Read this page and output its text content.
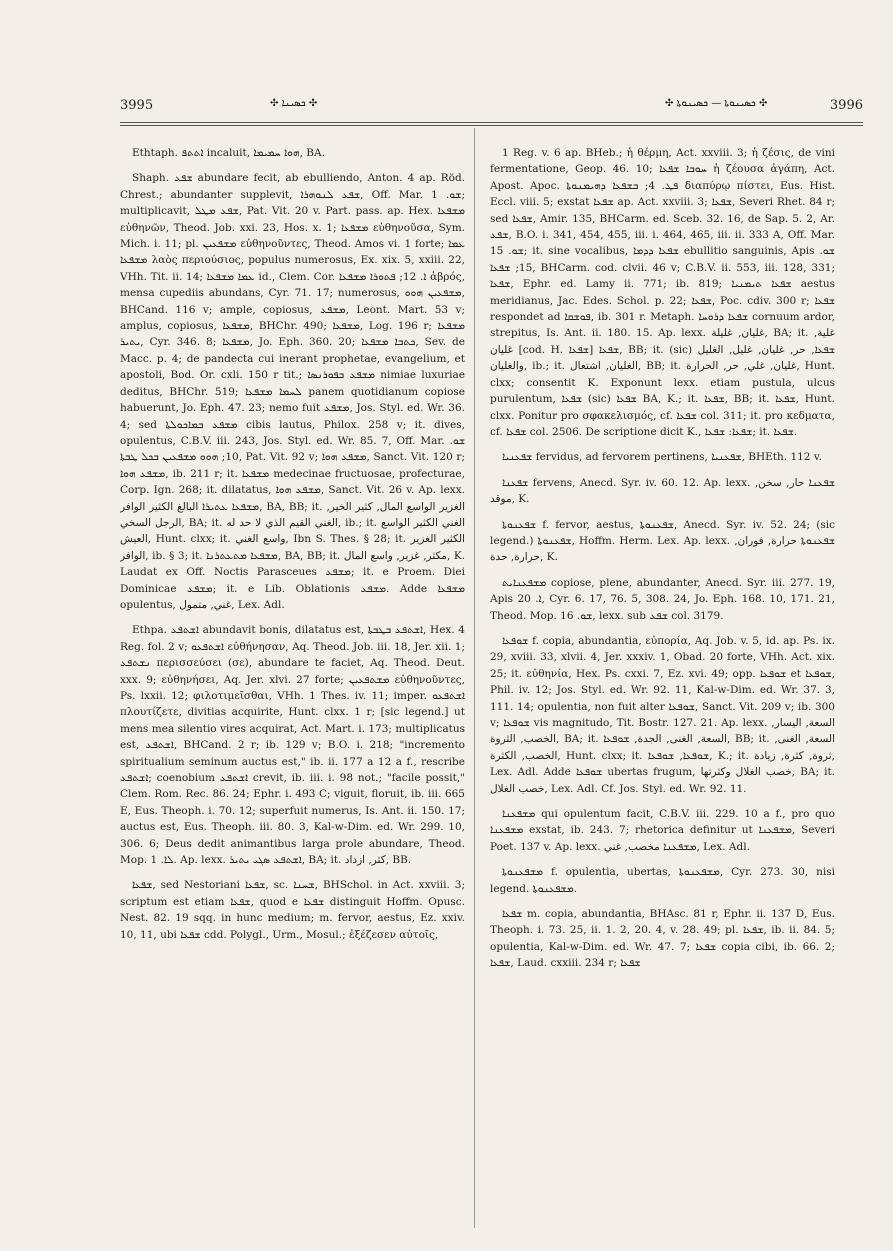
3995	✣ ܟܣܝܢܐ ✣	✣ ܟܣܝܢܘܬܐ — ܟܣܝܢܘܬܐ ✣	3996

Ethtaph. ܐܬܬܦ incaluit, ܗܘܐ ܚܡܝܡܐ, BA.

Shaph. ܫܦܥ abundare fecit, ab ebulliendo, Anton. 4 ap. Röd. Chrest.; abundanter supplevit, ܫܦܥ ܠܢܘܗܪܐ, Off. Mar. ܫܘ. 1; multiplicavit, ܫܦܥ ܡܛܠ, Pat. Vit. 20 v. Part. pass. ap. Hex. ܡܫܦܥܐ εὐθηνῶν, Theod. Job. xxi. 23, Hos. x. 1; ܡܫܦܥܐ εὐθηνοῦσα, Sym. Mich. i. 11; pl. ܡܫܦܥܝܢ εὐθηνοῦντες, Theod. Amos vi. 1 forte; ܥܡܐ ܡܫܦܥܐ λαὸς περιούσιος, populus numerosus, Ex. xix. 5, xxiii. 22, VHh. Tit. ii. 14; ܥܡܐ ܡܫܦܥܐ id., Clem. Cor. ܐ. 12; ܦܬܘܪܐ ܡܫܦܥܐ ἀβρός, mensa cupediis abundans, Cyr. 71. 17; numerosus, ܡܫܦܥܝܢ ܗܘܘ, BHCand. 116 v; ample, copiosus, ܡܫܦܥ, Leont. Mart. 53 v; amplus, copiosus, ܡܫܦܥܐ, BHChr. 490; ܡܫܦܥܐ, Log. 196 r; ܡܫܦܥܐ ܝܬܝܪ, Cyr. 346. 8; ܡܫܦܥܐ, Jo. Eph. 360. 20; ܟܬܒܐ ܡܫܦܥܐ, Sev. de Macc. p. 4; de pandecta cui inerant prophetae, evangelium, et apostoli, Bod. Or. cxli. 150 r tit.; ܡܫܦܥ ܒܦܘܪܢܣܐ nimiae luxuriae deditus, BHChr. 519; ܠܚܡܐ ܡܫܦܥܐ panem quotidianum copiose habuerunt, Jo. Eph. 47. 23; nemo fuit ܡܫܦܥ, Jos. Styl. ed. Wr. 36. 4; sed ܡܫܦܥ ܒܡܐܟܘܠܬܐ cibis lautus, Philox. 258 v; it. dives, opulentus, C.B.V. iii. 243, Jos. Styl. ed. Wr. 85. 7, Off. Mar. ܫܘ. 10; ܗܘܘ ܡܫܦܥܝܢ ܒܟܠ ܛܒܬܐ, Pat. Vit. 92 v; ܡܫܦܥ ܗܘܐ, Sanct. Vit. 120 r; ܡܫܦܥ ܗܘܐ, ib. 211 r; it. ܡܫܦܥܐ medecinae fructuosae, profecturae, Corp. Ign. 268; it. dilatatus, ܡܫܦܥ ܗܘܐ, Sanct. Vit. 26 v. Ap. lexx. ܡܫܦܥܐ ܥܬܝܪܐ البالغ الكثير الوافر, BA, BB; it. الغزير الواسع المال, كثير الخير, الرجل السخي, BA; it. الغني القيم الذي لا حد له, ib.; it. الغني الكثير الواسع العيش, Hunt. clxx; it. واسع الغني, Ibn S. Thes. § 28; it. الكثير الغزير الوافر, ib. § 3; it. ܡܫܦܥܐ ܡܬܥܬܪܢܐ, BA, BB; it. مكثر, غزير, واسع المال, K. Laudat ex Off. Noctis Parasceues ܡܫܦܥ; it. e Proem. Diei Dominicae ܡܫܦܥ; it. e Lib. Oblationis ܡܫܦܥ. Adde ܡܫܦܥܐ opulentus, غني, متمول, Lex. Adl.

Ethpa. ܐܫܬܦܥ abundavit bonis, dilatatus est, ܐܫܬܦܥ ܒܛܒܬܐ, Hex. 4 Reg. fol. 2 v; ܐܫܬܦܥܘ εὐθήνησαν, Aq. Theod. Job. iii. 18, Jer. xii. 1; ܢܫܬܦܥ περισσεύσει (σε), abundare te faciet, Aq. Theod. Deut. xxx. 9; εὐθηνήσει, Aq. Jer. xlvi. 27 forte; ܡܫܬܦܥܝܢ εὐθηνοῦντες, Ps. lxxii. 12; φιλοτιμεῖσθαι, VHh. 1 Thes. iv. 11; imper. ܐܫܬܦܥܘ πλουτίζετε, divitias acquirite, Hunt. clxx. 1 r; [sic legend.] ut mens mea silentio vires acquirat, Act. Mart. i. 173; multiplicatus est, ܐܫܬܦܥ, BHCand. 2 r; ib. 129 v; B.O. i. 218; "incremento spiritualium seminum auctus est," ib. ii. 177 a 12 a f., rescribe ܐܫܬܦܥ; coenobium ܐܫܬܦܥ crevit, ib. iii. i. 98 not.; "facile possit," Clem. Rom. Rec. 86. 24; Ephr. i. 493 C; viguit, floruit, ib. iii. 665 E, Eus. Theoph. i. 70. 12; superfuit numerus, Is. Ant. ii. 150. 17; auctus est, Eus. Theoph. iii. 80. 3, Kal-w-Dim. ed. Wr. 299. 10, 306. 6; Deus dedit animantibus larga prole abundare, Theod. Mop. ܠܐ. 1. Ap. lexx. ܐܫܬܦܥ ܣܓܝ ܝܬܝܪ, BA; it. كثر, ازداد, BB.

ܫܦܥܐ, sed Nestoriani ܫܦܥܐ, sc. ܫܚܢܐ, BHSchol. in Act. xxviii. 3; scriptum est etiam ܫܦܥܐ, quod e ܫܦܥܐ distinguit Hoffm. Opusc. Nest. 82. 19 sqq. in hunc medium; m. fervor, aestus, Ez. xxiv. 10, 11, ubi ܫܦܥܐ cdd. Polygl., Urm., Mosul.; ἐξέζεσεν αὐτοῖς,

1 Reg. v. 6 ap. BHeb.; ἡ θέρμη, Act. xxviii. 3; ἡ ζέσις, de vini fermentatione, Geop. 46. 10; ܚܘܒܐ ܫܦܥܐ ἡ ζέουσα ἀγάπη, Act. Apost. Apoc. ܦܛ. 4; ܒܫܦܥܐ ܕܗܝܡܢܘܬܐ διαπύρῳ πίστει, Eus. Hist. Eccl. viii. 5; exstat ܫܦܥܐ ap. Act. xxviii. 3; ܫܦܥܐ, Severi Rhet. 84 r; sed ܫܦܥܐ, Amir. 135, BHCarm. ed. Sceb. 32. 16, de Sap. 5. 2, Ar. ܫܦܥ, B.O. i. 341, 454, 455, iii. i. 464, 465, iii. ii. 333 A, Off. Mar. ܫܘ. 15; it. sine vocalibus, ܫܦܥܐ ܕܕܡܐ ebullitio sanguinis, Apis ܫܘ. 15; ܫܦܥܐ, BHCarm. cod. clvii. 46 v; C.B.V. ii. 553, iii. 128, 331; ܫܦܥܐ, Ephr. ed. Lamy ii. 771; ib. 819; ܫܦܥܐ ܬܝܡܢܝܐ aestus meridianus, Jac. Edes. Schol. p. 22; ܫܦܥܐ, Poc. cdiv. 300 r; ܫܦܥܐ respondet ad ܦܘܫܩܐ, ib. 301 r. Metaph. ܫܦܥܐ ܕܪܘܚܐ cornuum ardor, strepitus, Is. Ant. ii. 180. 15. Ap. lexx. غليان, غليلة, BA; it. غلية, غليان [cod. H. ܫܦܥܐ] ܫܦܥܐ, BB; it. (sic) ܫܦܥܐ, حر, غليان, غليل, الغليل والغليان, ib.; it. الغليان, اشتعال, BB; it. غليان, غلي, حر, الحرارة, Hunt. clxx; consentit K. Exponunt lexx. etiam pustula, ulcus purulentum, ܫܦܥܐ (sic) ܫܦܥܐ BA, K.; it. ܫܦܥܐ, BB; it. ܫܦܥܐ, Hunt. clxx. Ponitur pro σφακελισμός, cf. ܫܦܥܐ col. 311; it. pro κεδματα, cf. ܫܦܥܐ col. 2506. De scriptione dicit K., ܫܦܥܐ: ܫܦܥܐ; it. ܫܦܥܐ.

ܫܦܥܢܝܐ fervidus, ad fervorem pertinens, ܫܦܥܢܝܐ, BHEth. 112 v.

ܫܦܥܢܐ fervens, Anecd. Syr. iv. 60. 12. Ap. lexx. ܫܦܥܢܐ حار, سخن, موقد, K.

ܫܦܥܢܘܬܐ f. fervor, aestus, ܫܦܥܢܘܬܐ, Anecd. Syr. iv. 52. 24; (sic legend.) ܫܦܥܢܘܬܐ, Hoffm. Herm. Lex. Ap. lexx. ܫܦܥܢܘܬܐ حرارة, فوران, حرارة, حدة, K.

ܡܫܦܥܢܐܝܬ copiose, plene, abundanter, Anecd. Syr. iii. 277. 19, Apis ܐ. 20, Cyr. 6. 17, 76. 5, 308. 24, Jo. Eph. 168. 10, 171. 21, Theod. Mop. ܫܘ. 16, lexx. sub ܫܦܥ col. 3179.

ܫܘܦܥܐ f. copia, abundantia, εὐπορία, Aq. Job. v. 5, id. ap. Ps. ix. 29, xviii. 33, xlvii. 4, Jer. xxxiv. 1, Obad. 20 forte, VHh. Act. xix. 25; it. εὐθηνία, Hex. Ps. cxxi. 7, Ez. xvi. 49; opp. ܫܘܦܥܐ et ܫܘܦܥܐ, Phil. iv. 12; Jos. Styl. ed. Wr. 92. 11, Kal-w-Dim. ed. Wr. 37. 3, 111. 14; opulentia, non fuit alter ܫܘܦܥܐ, Sanct. Vit. 209 v; ib. 300 v; ܫܘܦܥܐ vis magnitudo, Tit. Bostr. 127. 21. Ap. lexx. السعة, اليسار, الخصب, الثروة, BA; it. السعة, الغنى, الجدة, ܫܘܦܥܐ, BB; it. السعة, الغنى, الخصب, الكثرة, Hunt. clxx; it. ܫܘܦܥܐ, ܫܘܦܥܐ, K.; it. ثروة, كثرة, زيادة, Lex. Adl. Adde ܫܘܦܥܐ ubertas frugum, خصب الغلال وكثرتها, BA; it. خصب الغلال, Lex. Adl. Cf. Jos. Styl. ed. Wr. 92. 11.

ܡܫܦܥܢܐ qui opulentum facit, C.B.V. iii. 229. 10 a f., pro quo ܡܫܦܥܢܐ exstat, ib. 243. 7; rhetorica definitur ut ܡܫܦܥܢܐ, Severi Poet. 137 v. Ap. lexx. ܡܫܦܥܢܐ مخصب, غني, Lex. Adl.

ܡܫܦܥܢܘܬܐ f. opulentia, ubertas, ܡܫܦܥܢܘܬܐ, Cyr. 273. 30, nisi legend. ܡܫܦܥܢܘܬܐ.

ܫܦܥܐ m. copia, abundantia, BHAsc. 81 r, Ephr. ii. 137 D, Eus. Theoph. i. 73. 25, ii. 1. 2, 20. 4, v. 28. 49; pl. ܫܦܥܐ, ib. ii. 84. 5; opulentia, Kal-w-Dim. ed. Wr. 47. 7; ܫܦܥܐ copia cibi, ib. 66. 2; ܫܦܥܐ, Laud. cxxiii. 234 r; ܫܦܥܐ
